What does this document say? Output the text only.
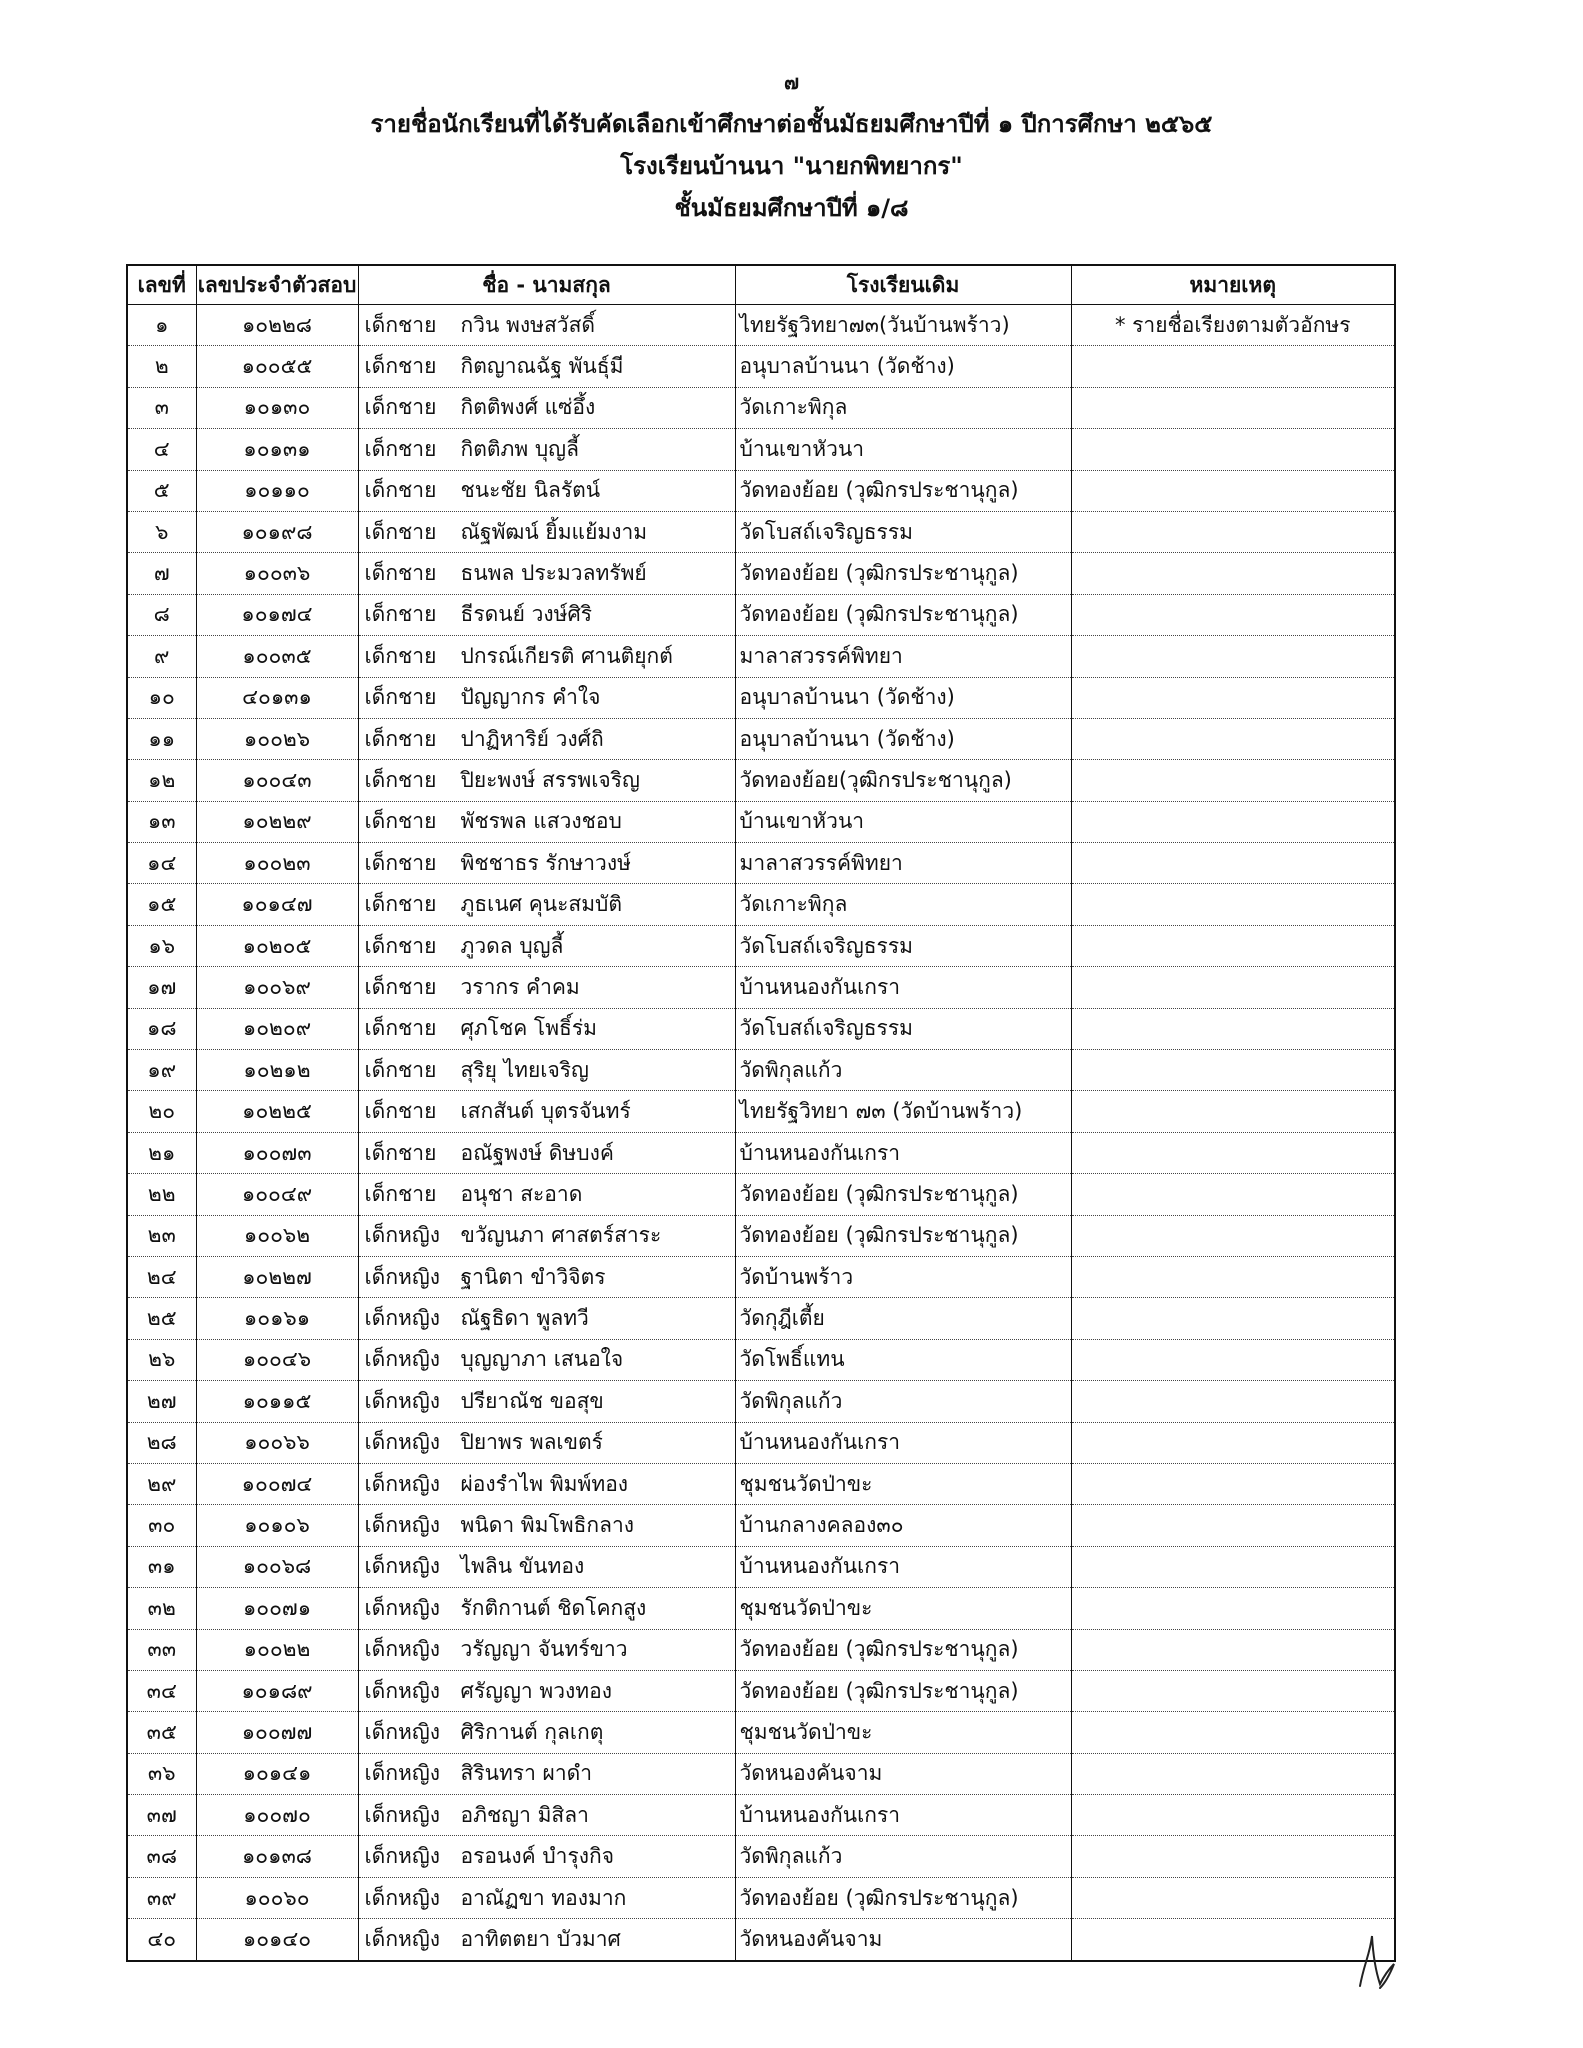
๗
รายชื่อนักเรียนที่ได้รับคัดเลือกเข้าศึกษาต่อชั้นมัธยมศึกษาปีที่ ๑ ปีการศึกษา ๒๕๖๕
โรงเรียนบ้านนา "นายกพิทยากร"
ชั้นมัธยมศึกษาปีที่ ๑/๘
เลขที่	เลขประจำตัวสอบ	ชื่อ - นามสกุล	โรงเรียนเดิม	หมายเหตุ
๑	๑๐๒๒๘	เด็กชาย กวิน พงษสวัสดิ์	ไทยรัฐวิทยา๗๓(วันบ้านพร้าว)	* รายชื่อเรียงตามตัวอักษร
๒	๑๐๐๕๕	เด็กชาย กิตญาณฉัฐ พันธุ์มี	อนุบาลบ้านนา (วัดช้าง)	
๓	๑๐๑๓๐	เด็กชาย กิตติพงศ์ แซ่อึ้ง	วัดเกาะพิกุล	
๔	๑๐๑๓๑	เด็กชาย กิตติภพ บุญลี้	บ้านเขาหัวนา	
๕	๑๐๑๑๐	เด็กชาย ชนะชัย นิลรัตน์	วัดทองย้อย (วุฒิกรประชานุกูล)	
๖	๑๐๑๙๘	เด็กชาย ณัฐพัฒน์ ยิ้มแย้มงาม	วัดโบสถ์เจริญธรรม	
๗	๑๐๐๓๖	เด็กชาย ธนพล ประมวลทรัพย์	วัดทองย้อย (วุฒิกรประชานุกูล)	
๘	๑๐๑๗๔	เด็กชาย ธีรดนย์ วงษ์ศิริ	วัดทองย้อย (วุฒิกรประชานุกูล)	
๙	๑๐๐๓๕	เด็กชาย ปกรณ์เกียรติ ศานติยุกต์	มาลาสวรรค์พิทยา	
๑๐	๔๐๑๓๑	เด็กชาย ปัญญากร คำใจ	อนุบาลบ้านนา (วัดช้าง)	
๑๑	๑๐๐๒๖	เด็กชาย ปาฏิหาริย์ วงศ์ถิ	อนุบาลบ้านนา (วัดช้าง)	
๑๒	๑๐๐๔๓	เด็กชาย ปิยะพงษ์ สรรพเจริญ	วัดทองย้อย(วุฒิกรประชานุกูล)	
๑๓	๑๐๒๒๙	เด็กชาย พัชรพล แสวงชอบ	บ้านเขาหัวนา	
๑๔	๑๐๐๒๓	เด็กชาย พิชชาธร รักษาวงษ์	มาลาสวรรค์พิทยา	
๑๕	๑๐๑๔๗	เด็กชาย ภูธเนศ คุนะสมบัติ	วัดเกาะพิกุล	
๑๖	๑๐๒๐๕	เด็กชาย ภูวดล บุญลี้	วัดโบสถ์เจริญธรรม	
๑๗	๑๐๐๖๙	เด็กชาย วรากร คำคม	บ้านหนองกันเกรา	
๑๘	๑๐๒๐๙	เด็กชาย ศุภโชค โพธิ์ร่ม	วัดโบสถ์เจริญธรรม	
๑๙	๑๐๒๑๒	เด็กชาย สุริยุ ไทยเจริญ	วัดพิกุลแก้ว	
๒๐	๑๐๒๒๕	เด็กชาย เสกสันต์ บุตรจันทร์	ไทยรัฐวิทยา ๗๓ (วัดบ้านพร้าว)	
๒๑	๑๐๐๗๓	เด็กชาย อณัฐพงษ์ ดิษบงค์	บ้านหนองกันเกรา	
๒๒	๑๐๐๔๙	เด็กชาย อนุชา สะอาด	วัดทองย้อย (วุฒิกรประชานุกูล)	
๒๓	๑๐๐๖๒	เด็กหญิง ขวัญนภา ศาสตร์สาระ	วัดทองย้อย (วุฒิกรประชานุกูล)	
๒๔	๑๐๒๒๗	เด็กหญิง ฐานิตา ขำวิจิตร	วัดบ้านพร้าว	
๒๕	๑๐๑๖๑	เด็กหญิง ณัฐธิดา พูลทวี	วัดกุฎีเตี้ย	
๒๖	๑๐๐๔๖	เด็กหญิง บุญญาภา เสนอใจ	วัดโพธิ์แทน	
๒๗	๑๐๑๑๕	เด็กหญิง ปรียาณัช ขอสุข	วัดพิกุลแก้ว	
๒๘	๑๐๐๖๖	เด็กหญิง ปิยาพร พลเขตร์	บ้านหนองกันเกรา	
๒๙	๑๐๐๗๔	เด็กหญิง ผ่องรำไพ พิมพ์ทอง	ชุมชนวัดป่าขะ	
๓๐	๑๐๑๐๖	เด็กหญิง พนิดา พิมโพธิกลาง	บ้านกลางคลอง๓๐	
๓๑	๑๐๐๖๘	เด็กหญิง ไพลิน ขันทอง	บ้านหนองกันเกรา	
๓๒	๑๐๐๗๑	เด็กหญิง รักติกานต์ ชิดโคกสูง	ชุมชนวัดป่าขะ	
๓๓	๑๐๐๒๒	เด็กหญิง วรัญญา จันทร์ขาว	วัดทองย้อย (วุฒิกรประชานุกูล)	
๓๔	๑๐๑๘๙	เด็กหญิง ศรัญญา พวงทอง	วัดทองย้อย (วุฒิกรประชานุกูล)	
๓๕	๑๐๐๗๗	เด็กหญิง ศิริกานต์ กุลเกตุ	ชุมชนวัดป่าขะ	
๓๖	๑๐๑๔๑	เด็กหญิง สิรินทรา ผาดำ	วัดหนองคันจาม	
๓๗	๑๐๐๗๐	เด็กหญิง อภิชญา มิสิลา	บ้านหนองกันเกรา	
๓๘	๑๐๑๓๘	เด็กหญิง อรอนงค์ บำรุงกิจ	วัดพิกุลแก้ว	
๓๙	๑๐๐๖๐	เด็กหญิง อาณัฏขา ทองมาก	วัดทองย้อย (วุฒิกรประชานุกูล)	
๔๐	๑๐๑๔๐	เด็กหญิง อาทิตตยา บัวมาศ	วัดหนองคันจาม	
